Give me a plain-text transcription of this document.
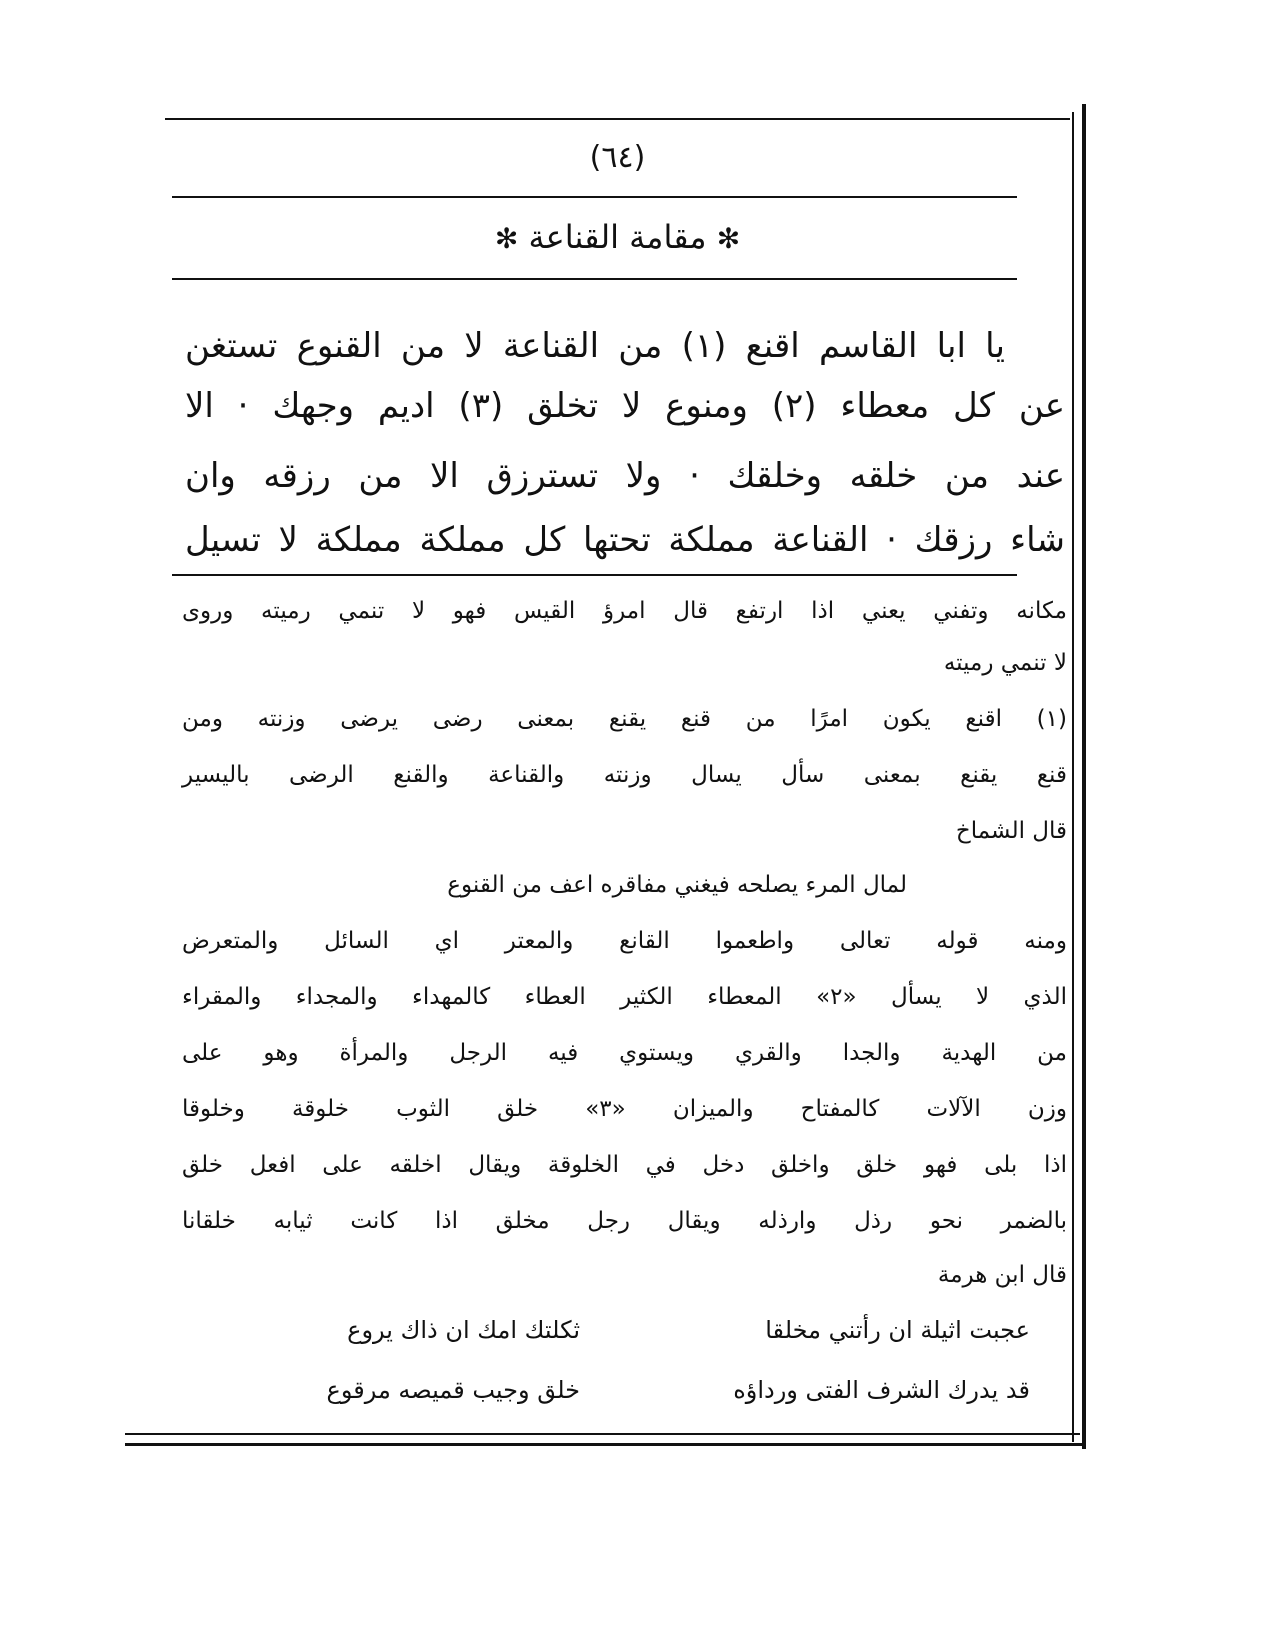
(٦٤)
✻ مقامة القناعة ✻
يا ابا القاسم اقنع (١) من القناعة لا من القنوع تستغن
عن كل معطاء (٢) ومنوع لا تخلق (٣) اديم وجهك · الا
عند من خلقه وخلقك · ولا تسترزق الا من رزقه وان
شاء رزقك · القناعة مملكة تحتها كل مملكة مملكة لا تسيل
مكانه وتفني يعني اذا ارتفع قال امرؤ القيس فهو لا تنمي رميته وروى
لا تنمي رميته
(١) اقنع يكون امرًا من قنع يقنع بمعنى رضى يرضى وزنته ومن
قنع يقنع بمعنى سأل يسال وزنته والقناعة والقنع الرضى باليسير
قال الشماخ
لمال المرء يصلحه فيغني مفاقره اعف من القنوع
ومنه قوله تعالى واطعموا القانع والمعتر اي السائل والمتعرض
الذي لا يسأل «٢» المعطاء الكثير العطاء كالمهداء والمجداء والمقراء
من الهدية والجدا والقري ويستوي فيه الرجل والمرأة وهو على
وزن الآلات كالمفتاح والميزان «٣» خلق الثوب خلوقة وخلوقا
اذا بلى فهو خلق واخلق دخل في الخلوقة ويقال اخلقه على افعل خلق
بالضمر نحو رذل وارذله ويقال رجل مخلق اذا كانت ثيابه خلقانا
قال ابن هرمة
عجبت اثيلة ان رأتني مخلقا
ثكلتك امك ان ذاك يروع
قد يدرك الشرف الفتى ورداؤه
خلق وجيب قميصه مرقوع
